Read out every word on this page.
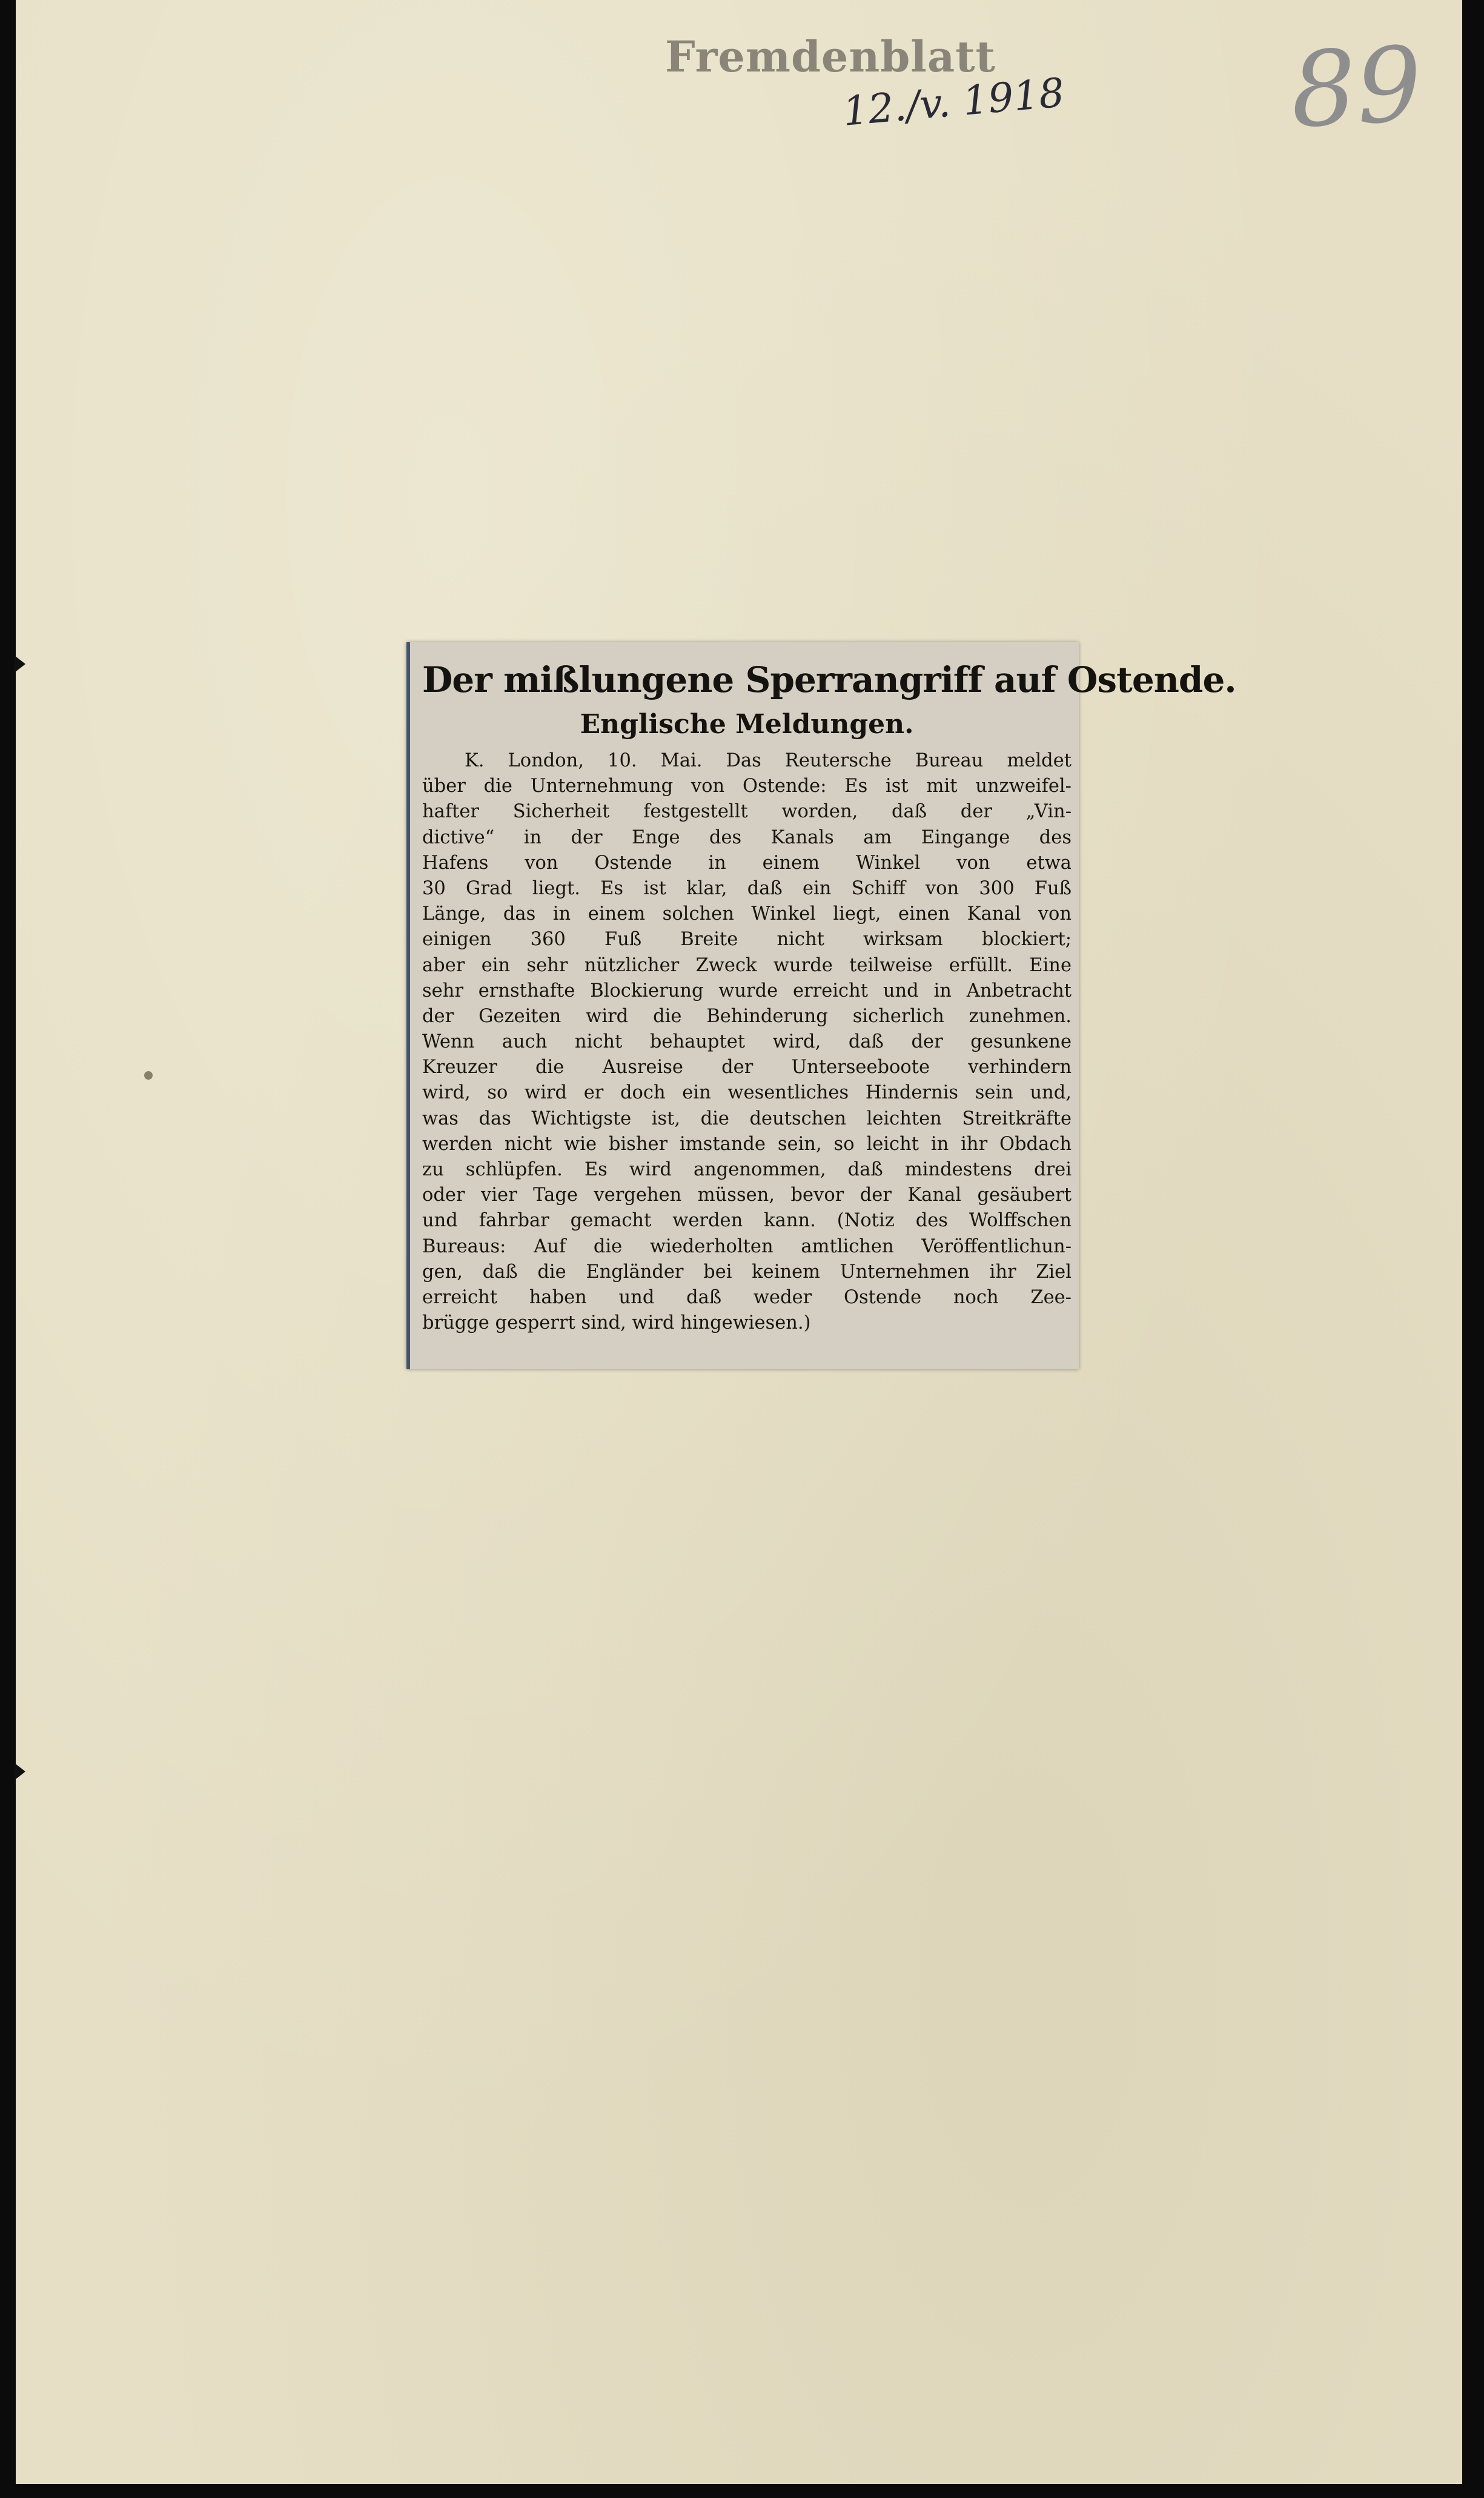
Fremdenblatt
12./v. 1918 89
Der mißlungene Sperrangriff auf Ostende.
Englische Meldungen.
K. London, 10. Mai. Das Reutersche Bureau meldet
über die Unternehmung von Ostende: Es ist mit unzweifel-
hafter Sicherheit festgestellt worden, daß der „Vin-
dictive“ in der Enge des Kanals am Eingange des
Hafens von Ostende in einem Winkel von etwa
30 Grad liegt. Es ist klar, daß ein Schiff von 300 Fuß
Länge, das in einem solchen Winkel liegt, einen Kanal von
einigen 360 Fuß Breite nicht wirksam blockiert;
aber ein sehr nützlicher Zweck wurde teilweise erfüllt. Eine
sehr ernsthafte Blockierung wurde erreicht und in Anbetracht
der Gezeiten wird die Behinderung sicherlich zunehmen.
Wenn auch nicht behauptet wird, daß der gesunkene
Kreuzer die Ausreise der Unterseeboote verhindern
wird, so wird er doch ein wesentliches Hindernis sein und,
was das Wichtigste ist, die deutschen leichten Streitkräfte
werden nicht wie bisher imstande sein, so leicht in ihr Obdach
zu schlüpfen. Es wird angenommen, daß mindestens drei
oder vier Tage vergehen müssen, bevor der Kanal gesäubert
und fahrbar gemacht werden kann. (Notiz des Wolffschen
Bureaus: Auf die wiederholten amtlichen Veröffentlichun-
gen, daß die Engländer bei keinem Unternehmen ihr Ziel
erreicht haben und daß weder Ostende noch Zee-
brügge gesperrt sind, wird hingewiesen.)
